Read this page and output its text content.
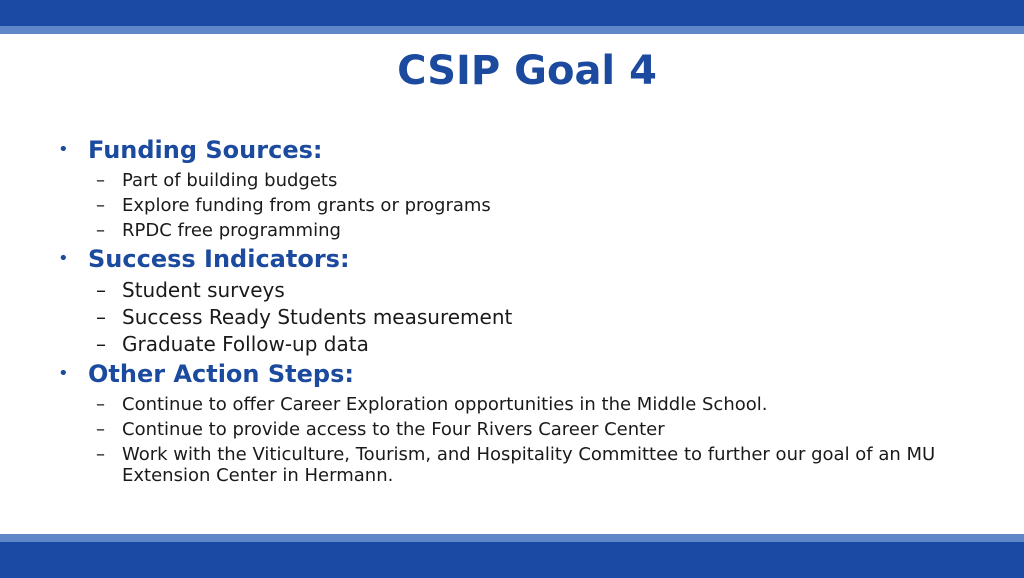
CSIP Goal 4
• Funding Sources:
– Part of building budgets
– Explore funding from grants or programs
– RPDC free programming
• Success Indicators:
– Student surveys
– Success Ready Students measurement
– Graduate Follow-up data
• Other Action Steps:
– Continue to offer Career Exploration opportunities in the Middle School.
– Continue to provide access to the Four Rivers Career Center
– Work with the Viticulture, Tourism, and Hospitality Committee to further our goal of an MU Extension Center in Hermann.
